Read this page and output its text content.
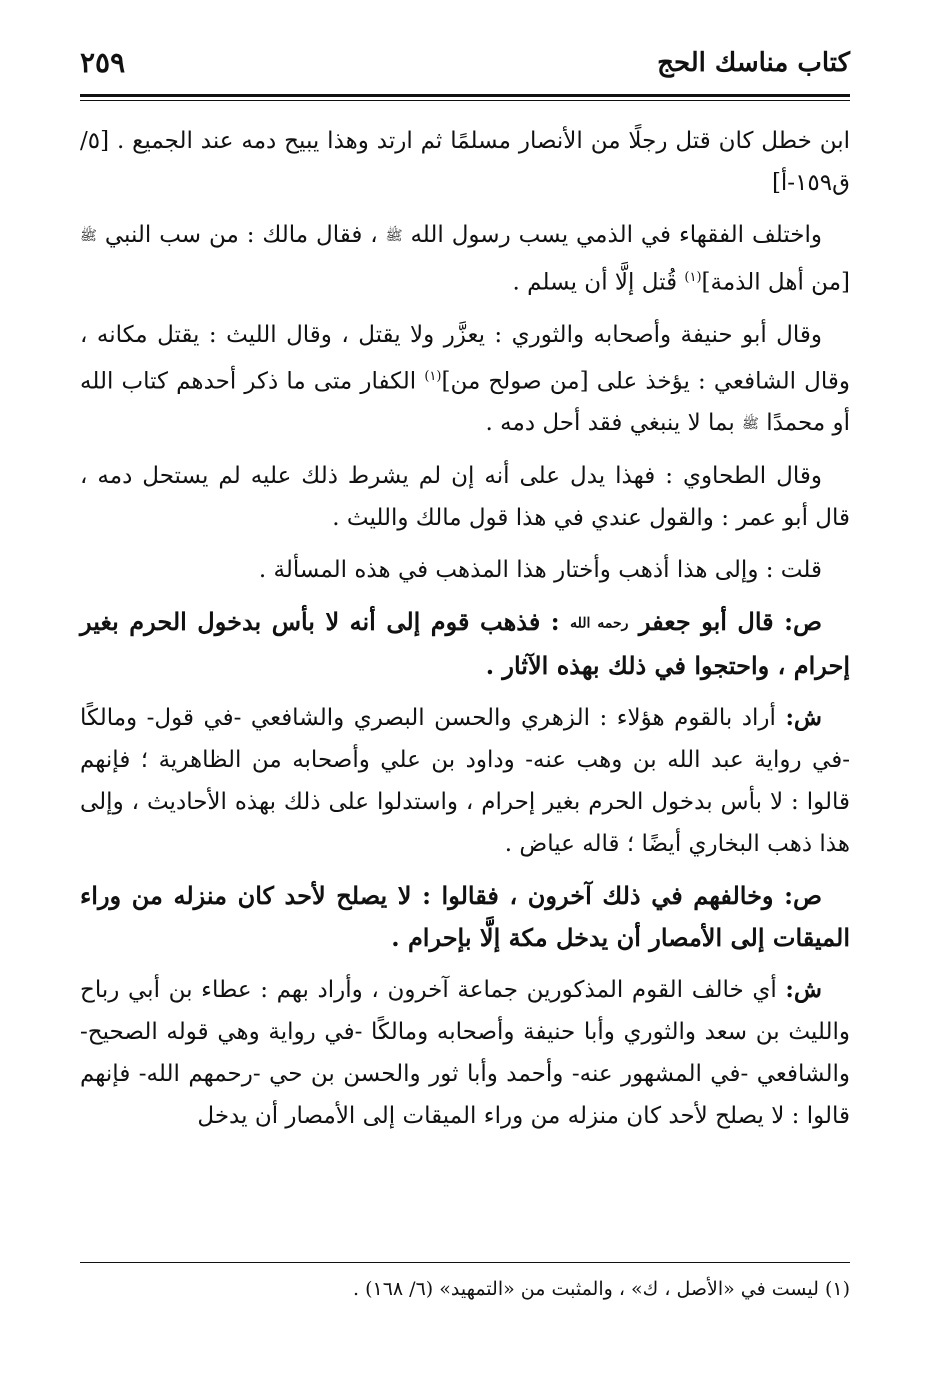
كتاب مناسك الحج
٢٥٩

ابن خطل كان قتل رجلًا من الأنصار مسلمًا ثم ارتد وهذا يبيح دمه عند الجميع . [٥/ ق١٥٩-أ]

واختلف الفقهاء في الذمي يسب رسول الله ﷺ ، فقال مالك : من سب النبي ﷺ [من أهل الذمة]$^{(١)}$ قُتل إلَّا أن يسلم .

وقال أبو حنيفة وأصحابه والثوري : يعزَّر ولا يقتل ، وقال الليث : يقتل مكانه ، وقال الشافعي : يؤخذ على [من صولح من]$^{(١)}$ الكفار متى ما ذكر أحدهم كتاب الله أو محمدًا ﷺ بما لا ينبغي فقد أحل دمه .

وقال الطحاوي : فهذا يدل على أنه إن لم يشرط ذلك عليه لم يستحل دمه ، قال أبو عمر : والقول عندي في هذا قول مالك والليث .

قلت : وإلى هذا أذهب وأختار هذا المذهب في هذه المسألة .

ص: قال أبو جعفر رحمه الله : فذهب قوم إلى أنه لا بأس بدخول الحرم بغير إحرام ، واحتجوا في ذلك بهذه الآثار .

ش: أراد بالقوم هؤلاء : الزهري والحسن البصري والشافعي -في قول- ومالكًا -في رواية عبد الله بن وهب عنه- وداود بن علي وأصحابه من الظاهرية ؛ فإنهم قالوا : لا بأس بدخول الحرم بغير إحرام ، واستدلوا على ذلك بهذه الأحاديث ، وإلى هذا ذهب البخاري أيضًا ؛ قاله عياض .

ص: وخالفهم في ذلك آخرون ، فقالوا : لا يصلح لأحد كان منزله من وراء الميقات إلى الأمصار أن يدخل مكة إلَّا بإحرام .

ش: أي خالف القوم المذكورين جماعة آخرون ، وأراد بهم : عطاء بن أبي رباح والليث بن سعد والثوري وأبا حنيفة وأصحابه ومالكًا -في رواية وهي قوله الصحيح- والشافعي -في المشهور عنه- وأحمد وأبا ثور والحسن بن حي -رحمهم الله- فإنهم قالوا : لا يصلح لأحد كان منزله من وراء الميقات إلى الأمصار أن يدخل

(١) ليست في «الأصل ، ك» ، والمثبت من «التمهيد» (٦/ ١٦٨) .
